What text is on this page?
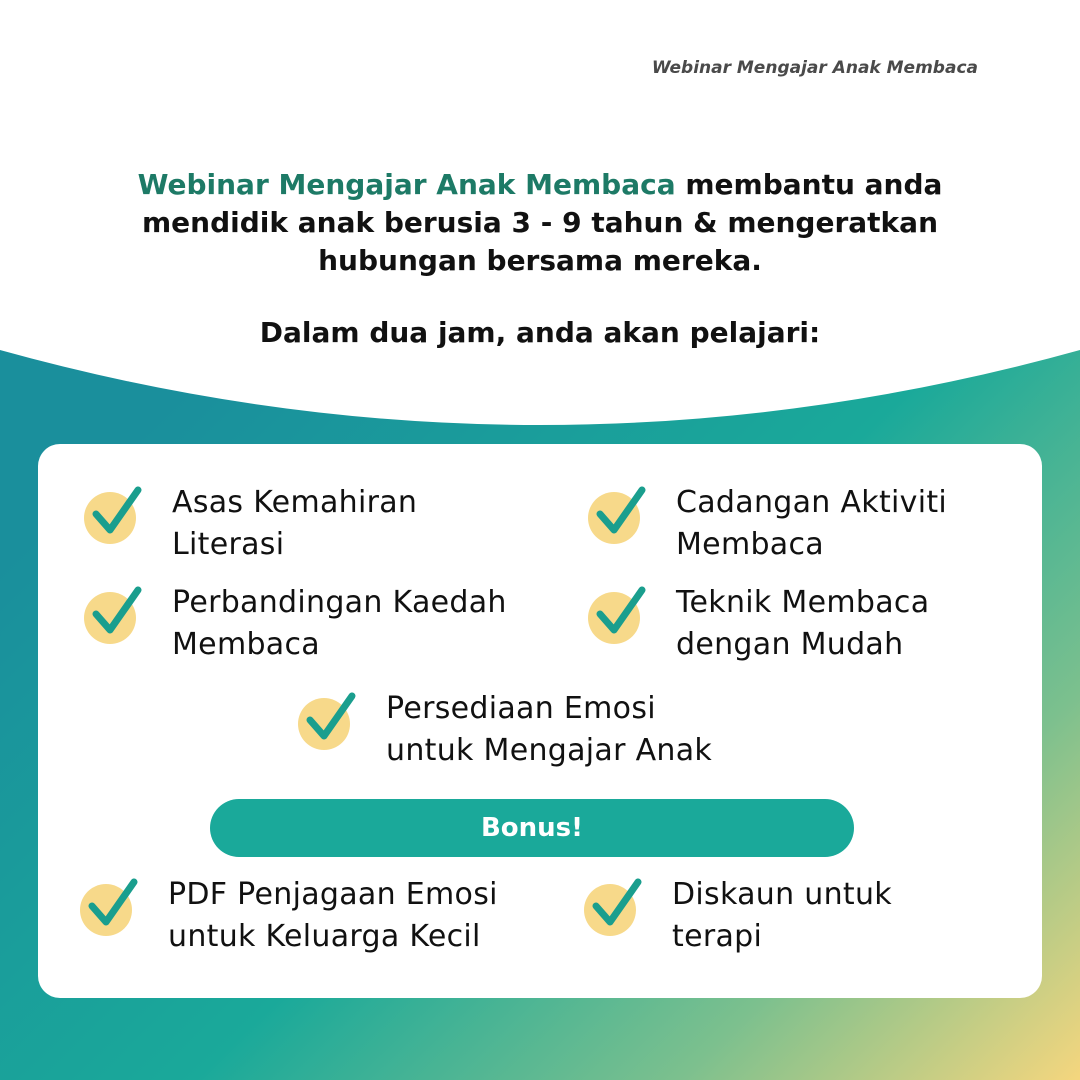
Webinar Mengajar Anak Membaca
Webinar Mengajar Anak Membaca membantu anda
mendidik anak berusia 3 - 9 tahun & mengeratkan
hubungan bersama mereka.
Dalam dua jam, anda akan pelajari:
Asas Kemahiran
Literasi
Cadangan Aktiviti
Membaca
Perbandingan Kaedah
Membaca
Teknik Membaca
dengan Mudah
Persediaan Emosi
untuk Mengajar Anak
Bonus!
PDF Penjagaan Emosi
untuk Keluarga Kecil
Diskaun untuk
terapi
